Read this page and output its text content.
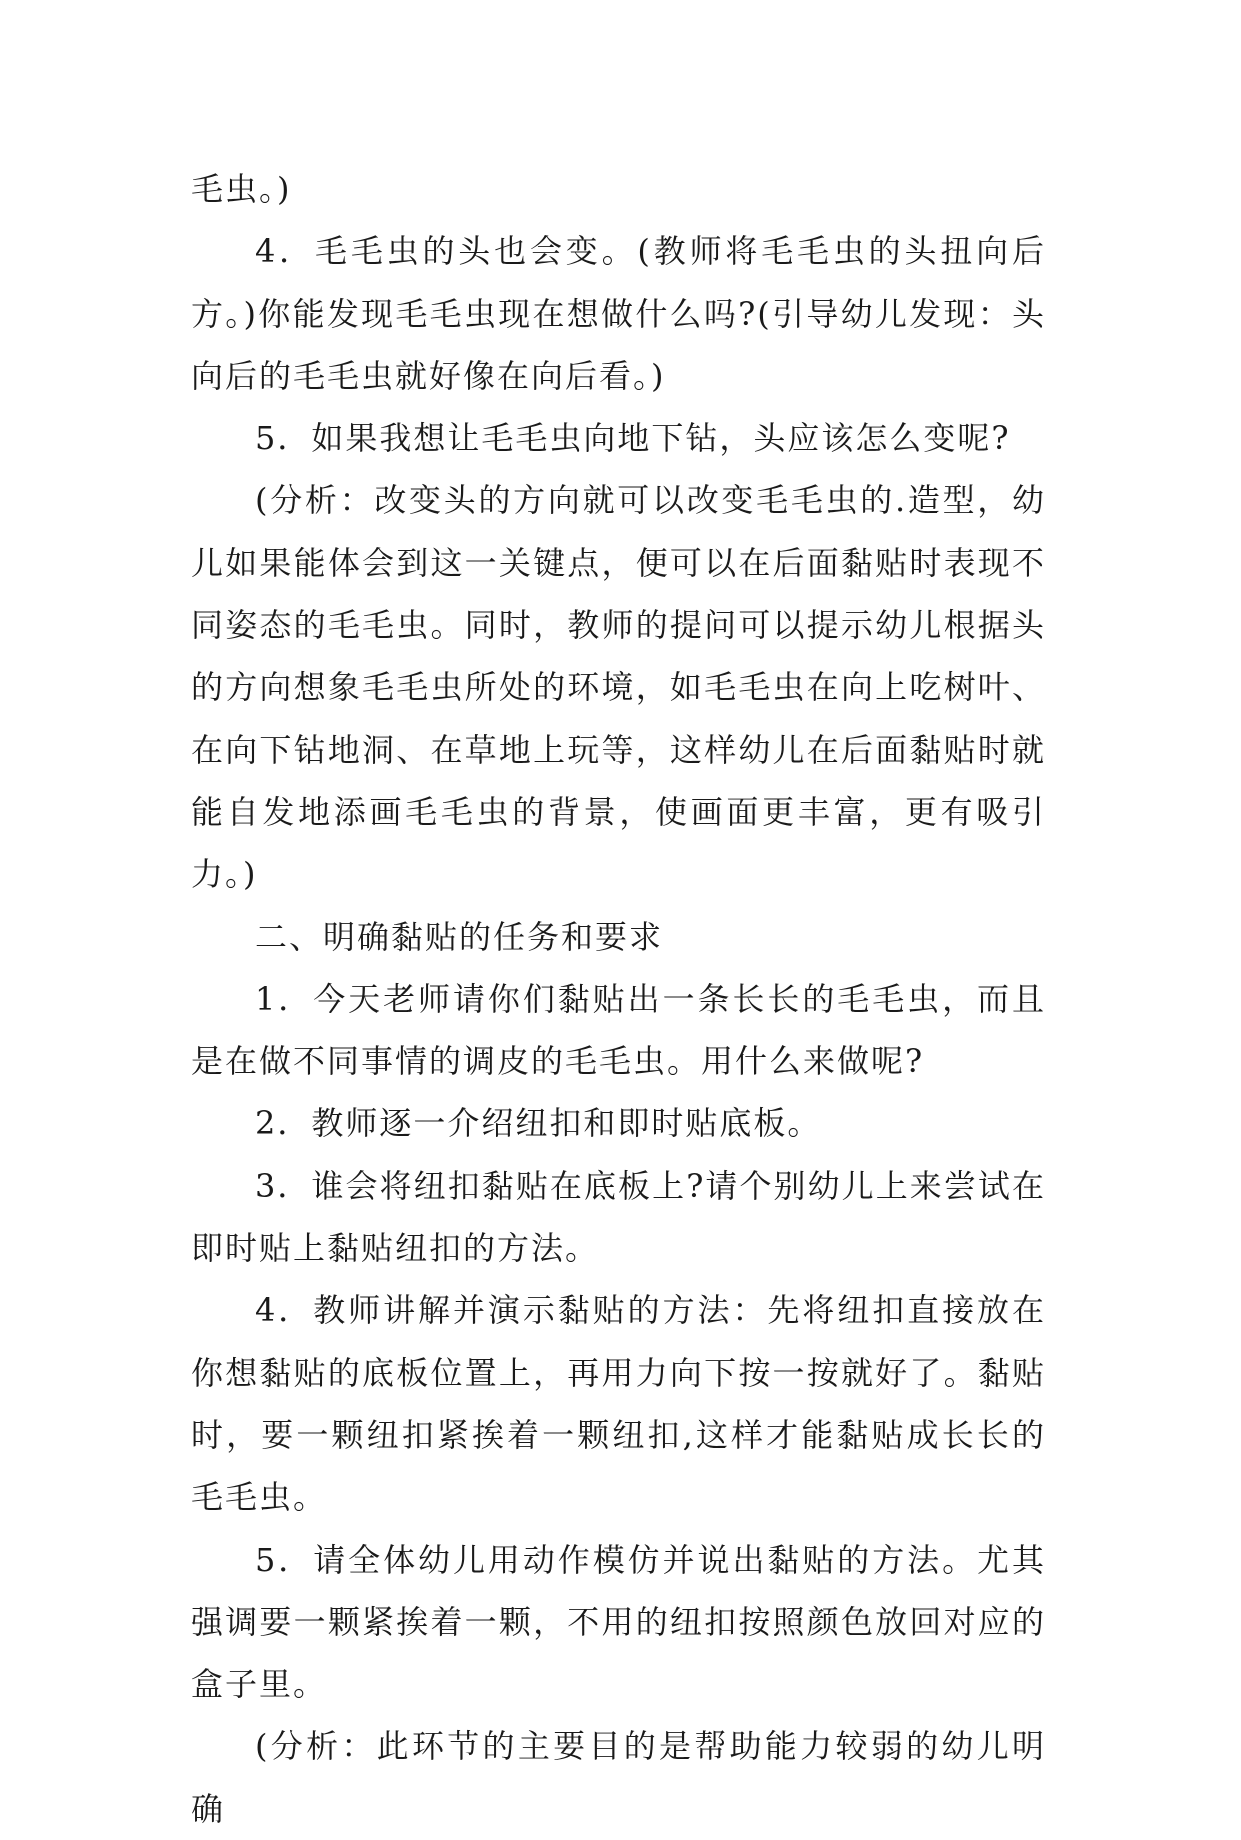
毛虫。)

4．毛毛虫的头也会变。(教师将毛毛虫的头扭向后方。)你能发现毛毛虫现在想做什么吗?(引导幼儿发现：头向后的毛毛虫就好像在向后看。)

5．如果我想让毛毛虫向地下钻，头应该怎么变呢?

(分析：改变头的方向就可以改变毛毛虫的.造型，幼儿如果能体会到这一关键点，便可以在后面黏贴时表现不同姿态的毛毛虫。同时，教师的提问可以提示幼儿根据头的方向想象毛毛虫所处的环境，如毛毛虫在向上吃树叶、在向下钻地洞、在草地上玩等，这样幼儿在后面黏贴时就能自发地添画毛毛虫的背景，使画面更丰富，更有吸引力。)

二、明确黏贴的任务和要求

1．今天老师请你们黏贴出一条长长的毛毛虫，而且是在做不同事情的调皮的毛毛虫。用什么来做呢?

2．教师逐一介绍纽扣和即时贴底板。

3．谁会将纽扣黏贴在底板上?请个别幼儿上来尝试在即时贴上黏贴纽扣的方法。

4．教师讲解并演示黏贴的方法：先将纽扣直接放在你想黏贴的底板位置上，再用力向下按一按就好了。黏贴时，要一颗纽扣紧挨着一颗纽扣,这样才能黏贴成长长的毛毛虫。

5．请全体幼儿用动作模仿并说出黏贴的方法。尤其强调要一颗紧挨着一颗，不用的纽扣按照颜色放回对应的盒子里。

(分析：此环节的主要目的是帮助能力较弱的幼儿明确
